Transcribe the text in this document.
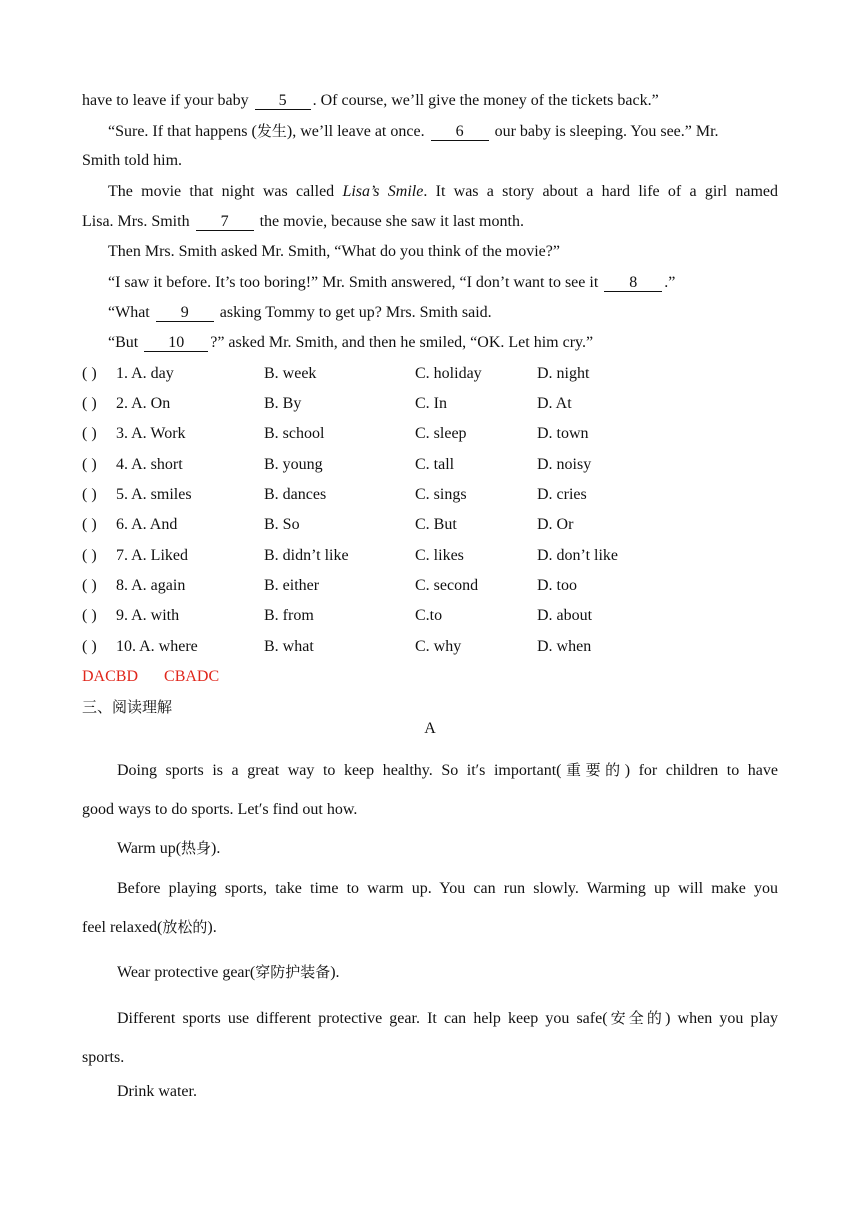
have to leave if your baby 5 . Of course, we’ll give the money of the tickets back.”
“Sure. If that happens (发生), we’ll leave at once. 6 our baby is sleeping. You see.” Mr.
Smith told him.
The movie that night was called Lisa’s Smile. It was a story about a hard life of a girl named
Lisa. Mrs. Smith 7 the movie, because she saw it last month.
Then Mrs. Smith asked Mr. Smith, “What do you think of the movie?”
“I saw it before. It’s too boring!” Mr. Smith answered, “I don’t want to see it 8 .”
“What 9 asking Tommy to get up? Mrs. Smith said.
“But 10 ?” asked Mr. Smith, and then he smiled, “OK. Let him cry.”
( ) 1. A. day	B. week	C. holiday	D. night
( ) 2. A. On	B. By	C. In	D. At
( ) 3. A. Work	B. school	C. sleep	D. town
( ) 4. A. short	B. young	C. tall	D. noisy
( ) 5. A. smiles	B. dances	C. sings	D. cries
( ) 6. A. And	B. So	C. But	D. Or
( ) 7. A. Liked	B. didn’t like	C. likes	D. don’t like
( ) 8. A. again	B. either	C. second	D. too
( ) 9. A. with	B. from	C.to	D. about
( ) 10. A. where	B. what	C. why	D. when
DACBD CBADC
三、阅读理解
A
Doing sports is a great way to keep healthy. So it′s important(重要的) for children to have
good ways to do sports. Let′s find out how.
Warm up(热身).
Before playing sports, take time to warm up. You can run slowly. Warming up will make you
feel relaxed(放松的).
Wear protective gear(穿防护装备).
Different sports use different protective gear. It can help keep you safe(安全的) when you play
sports.
Drink water.
